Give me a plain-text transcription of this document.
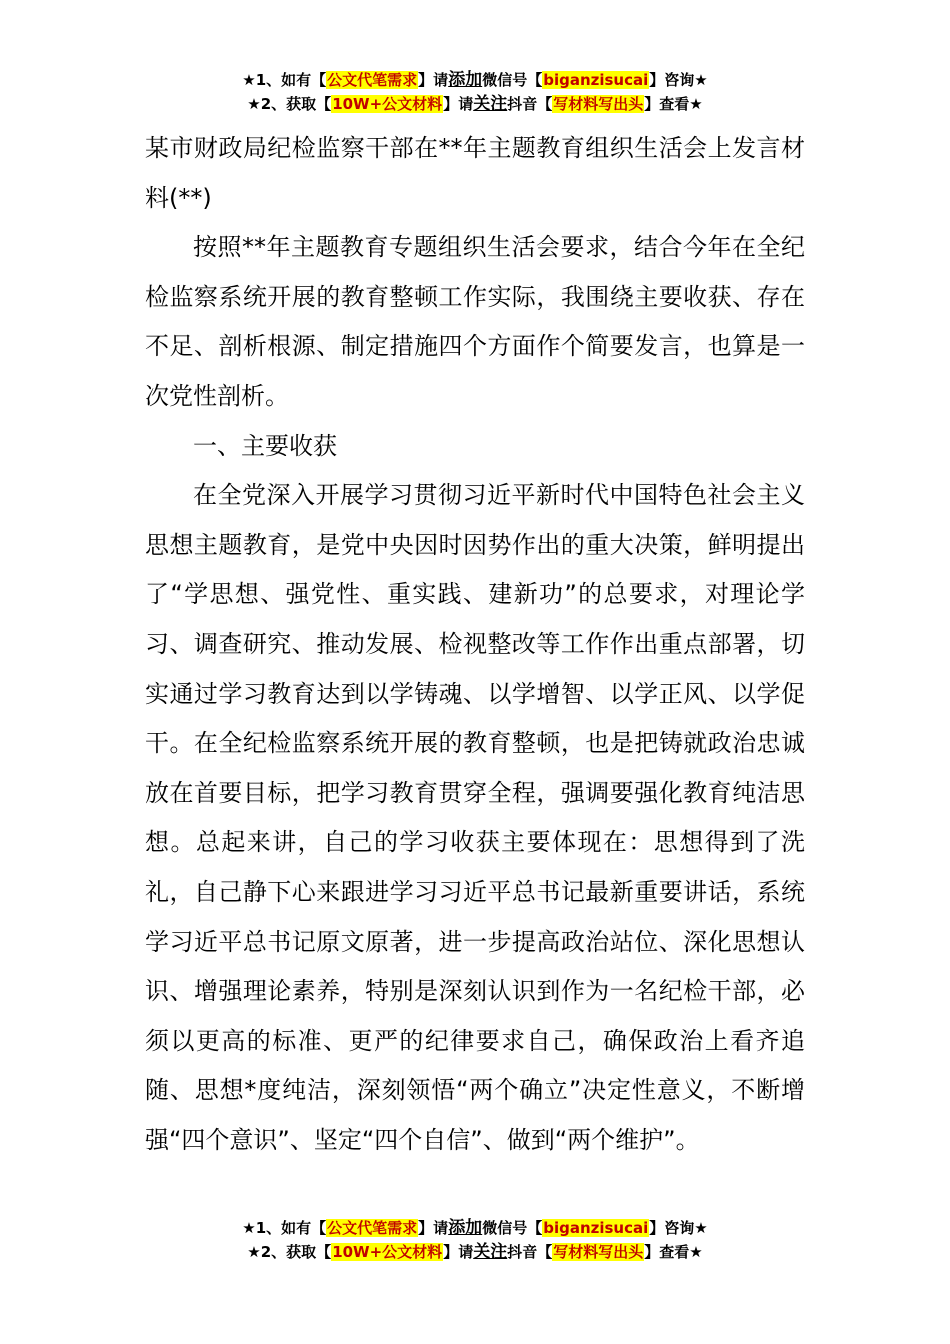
★1、如有【公文代笔需求】请添加微信号【biganzisucai】咨询★
★2、获取【10W+公文材料】请关注抖音【写材料写出头】查看★

某市财政局纪检监察干部在**年主题教育组织生活会上发言材料(**)

按照**年主题教育专题组织生活会要求，结合今年在全纪检监察系统开展的教育整顿工作实际，我围绕主要收获、存在不足、剖析根源、制定措施四个方面作个简要发言，也算是一次党性剖析。

一、主要收获

在全党深入开展学习贯彻习近平新时代中国特色社会主义思想主题教育，是党中央因时因势作出的重大决策，鲜明提出了“学思想、强党性、重实践、建新功”的总要求，对理论学习、调查研究、推动发展、检视整改等工作作出重点部署，切实通过学习教育达到以学铸魂、以学增智、以学正风、以学促干。在全纪检监察系统开展的教育整顿，也是把铸就政治忠诚放在首要目标，把学习教育贯穿全程，强调要强化教育纯洁思想。总起来讲，自己的学习收获主要体现在：思想得到了洗礼，自己静下心来跟进学习习近平总书记最新重要讲话，系统学习近平总书记原文原著，进一步提高政治站位、深化思想认识、增强理论素养，特别是深刻认识到作为一名纪检干部，必须以更高的标准、更严的纪律要求自己，确保政治上看齐追随、思想*度纯洁，深刻领悟“两个确立”决定性意义，不断增强“四个意识”、坚定“四个自信”、做到“两个维护”。

★1、如有【公文代笔需求】请添加微信号【biganzisucai】咨询★
★2、获取【10W+公文材料】请关注抖音【写材料写出头】查看★
